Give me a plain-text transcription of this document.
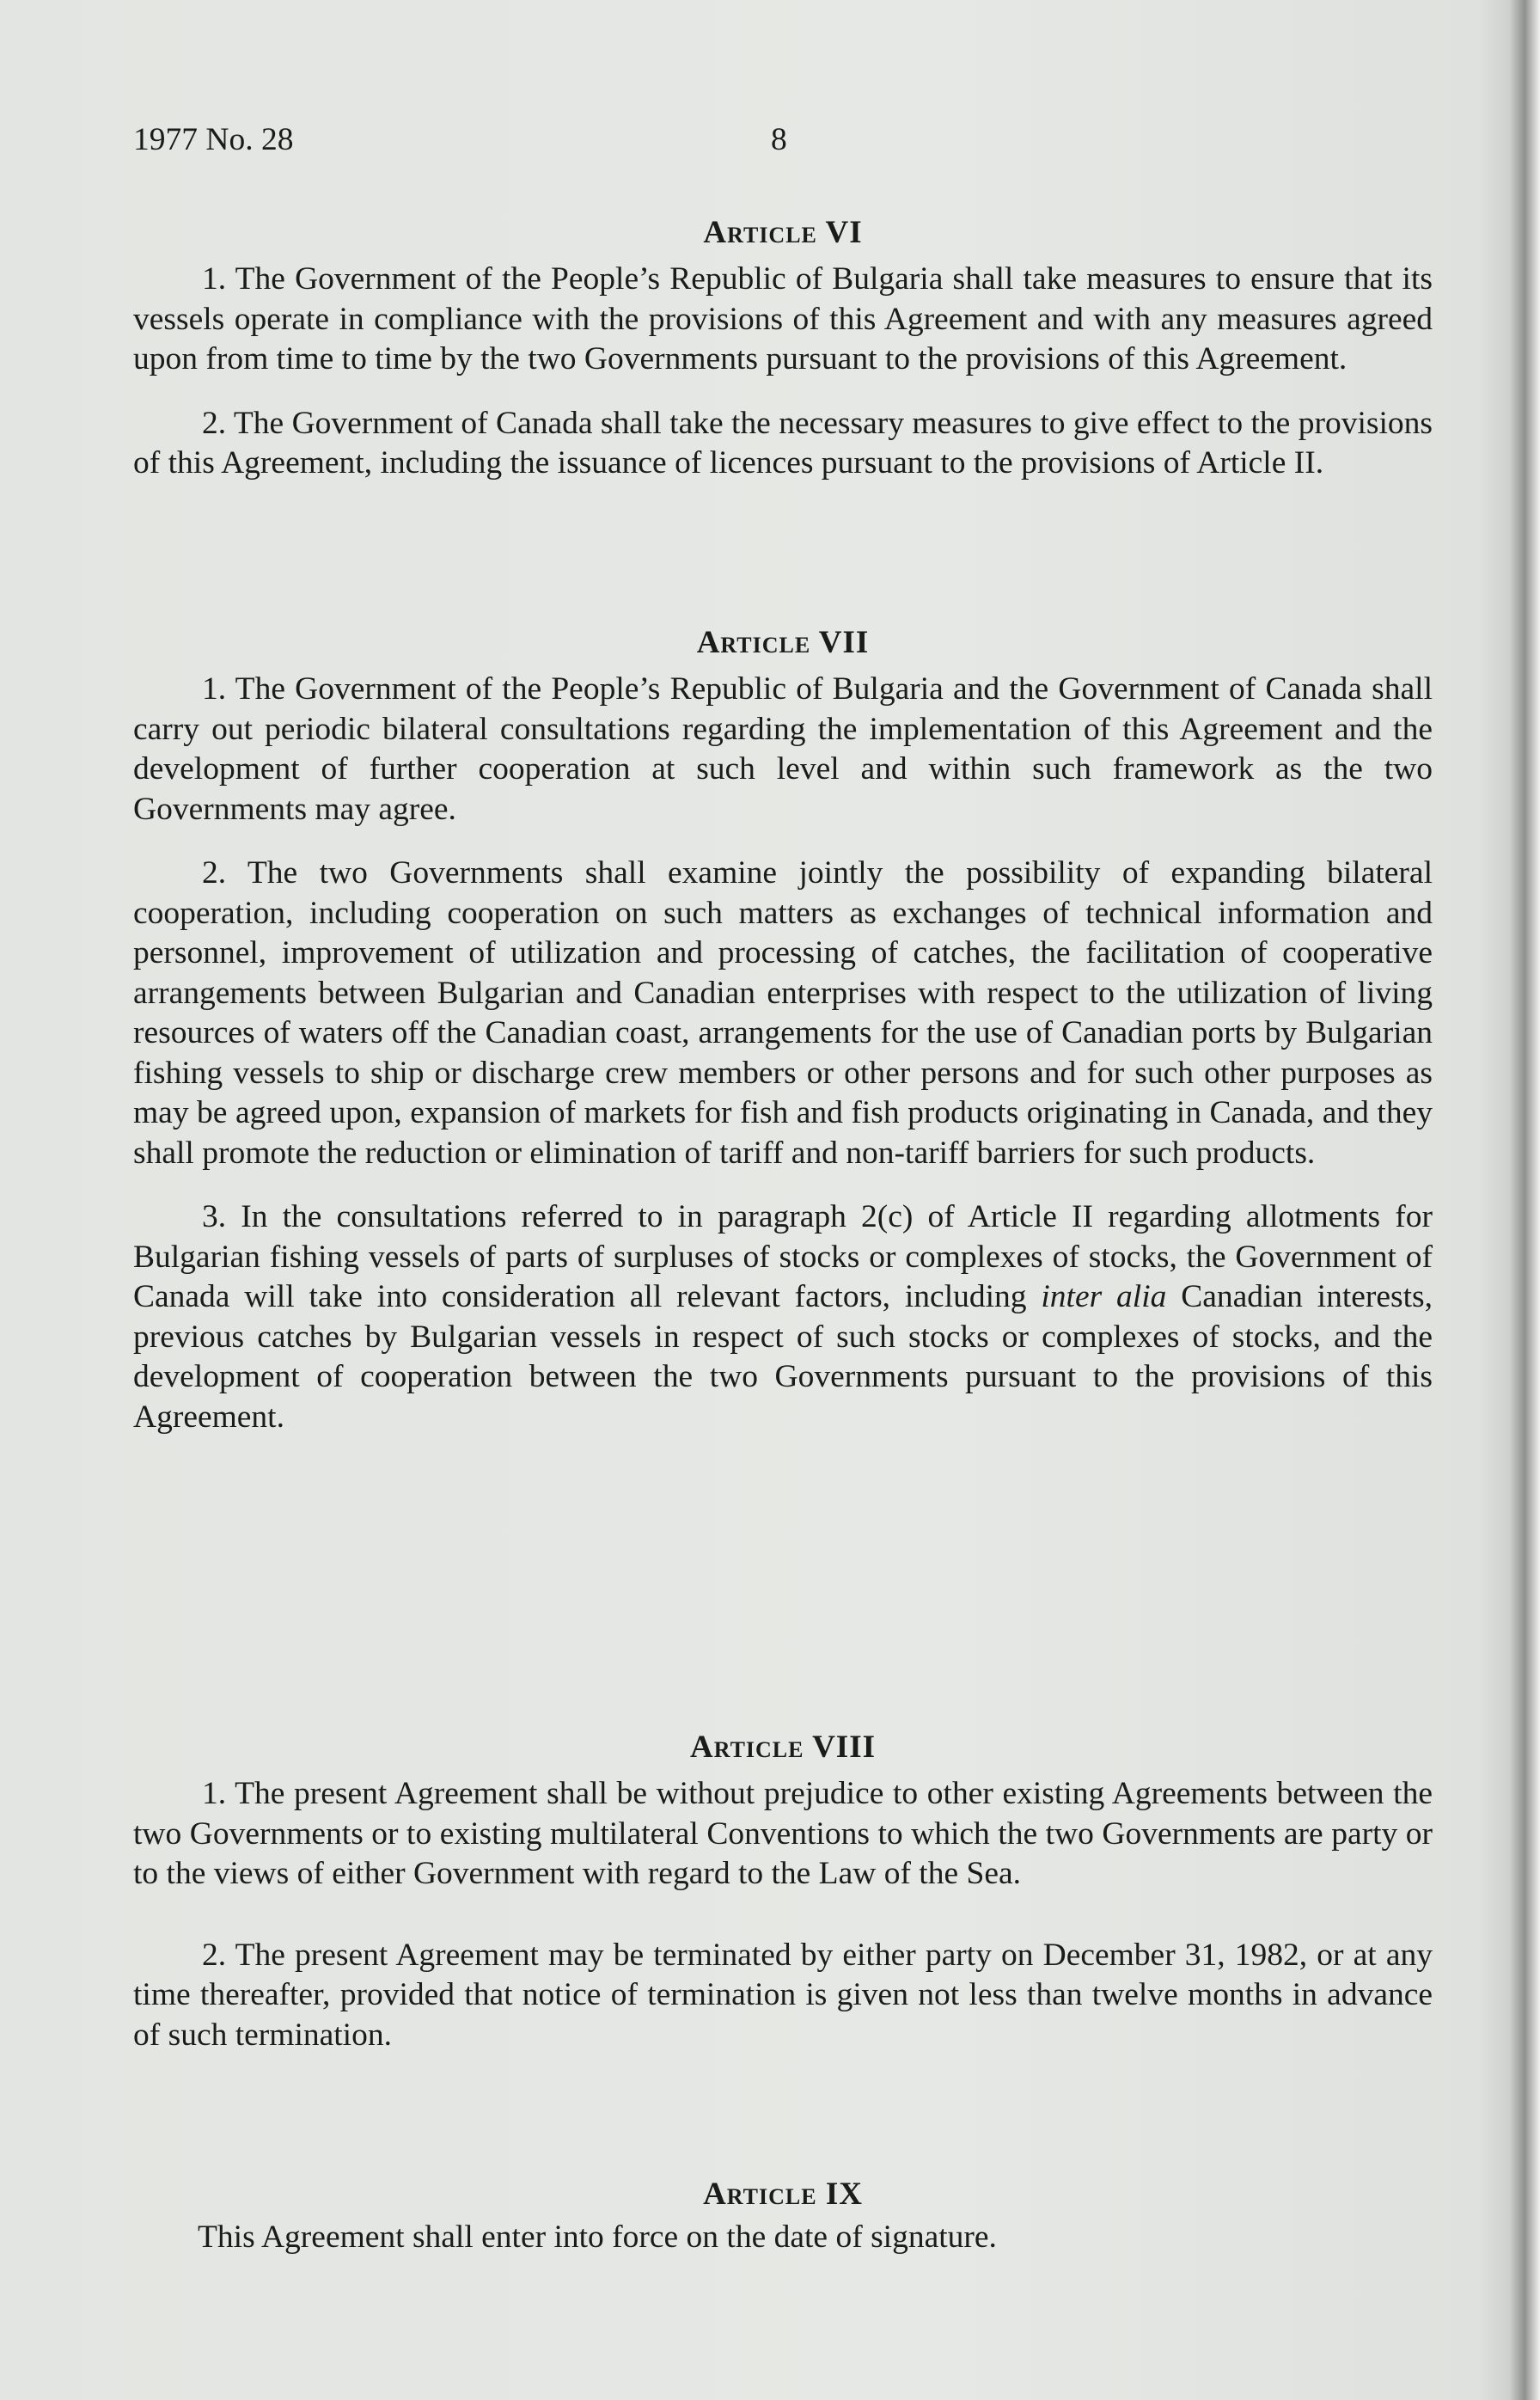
1977 No. 28	8
Article VI

1. The Government of the People’s Republic of Bulgaria shall take measures to ensure that its vessels operate in compliance with the provisions of this Agreement and with any measures agreed upon from time to time by the two Governments pursuant to the provisions of this Agreement.

2. The Government of Canada shall take the necessary measures to give effect to the provisions of this Agreement, including the issuance of licences pursuant to the provisions of Article II.

Article VII

1. The Government of the People’s Republic of Bulgaria and the Government of Canada shall carry out periodic bilateral consultations regarding the implementation of this Agreement and the development of further cooperation at such level and within such framework as the two Governments may agree.

2. The two Governments shall examine jointly the possibility of expanding bilateral cooperation, including cooperation on such matters as exchanges of technical information and personnel, improvement of utilization and processing of catches, the facilitation of cooperative arrangements between Bulgarian and Canadian enterprises with respect to the utilization of living resources of waters off the Canadian coast, arrangements for the use of Canadian ports by Bulgarian fishing vessels to ship or discharge crew members or other persons and for such other purposes as may be agreed upon, expansion of markets for fish and fish products originating in Canada, and they shall promote the reduction or elimination of tariff and non-tariff barriers for such products.

3. In the consultations referred to in paragraph 2(c) of Article II regarding allotments for Bulgarian fishing vessels of parts of surpluses of stocks or complexes of stocks, the Government of Canada will take into consideration all relevant factors, including inter alia Canadian interests, previous catches by Bulgarian vessels in respect of such stocks or complexes of stocks, and the development of cooperation between the two Governments pursuant to the provisions of this Agreement.

Article VIII

1. The present Agreement shall be without prejudice to other existing Agreements between the two Governments or to existing multilateral Conventions to which the two Governments are party or to the views of either Government with regard to the Law of the Sea.

2. The present Agreement may be terminated by either party on December 31, 1982, or at any time thereafter, provided that notice of termination is given not less than twelve months in advance of such termination.

Article IX

This Agreement shall enter into force on the date of signature.
